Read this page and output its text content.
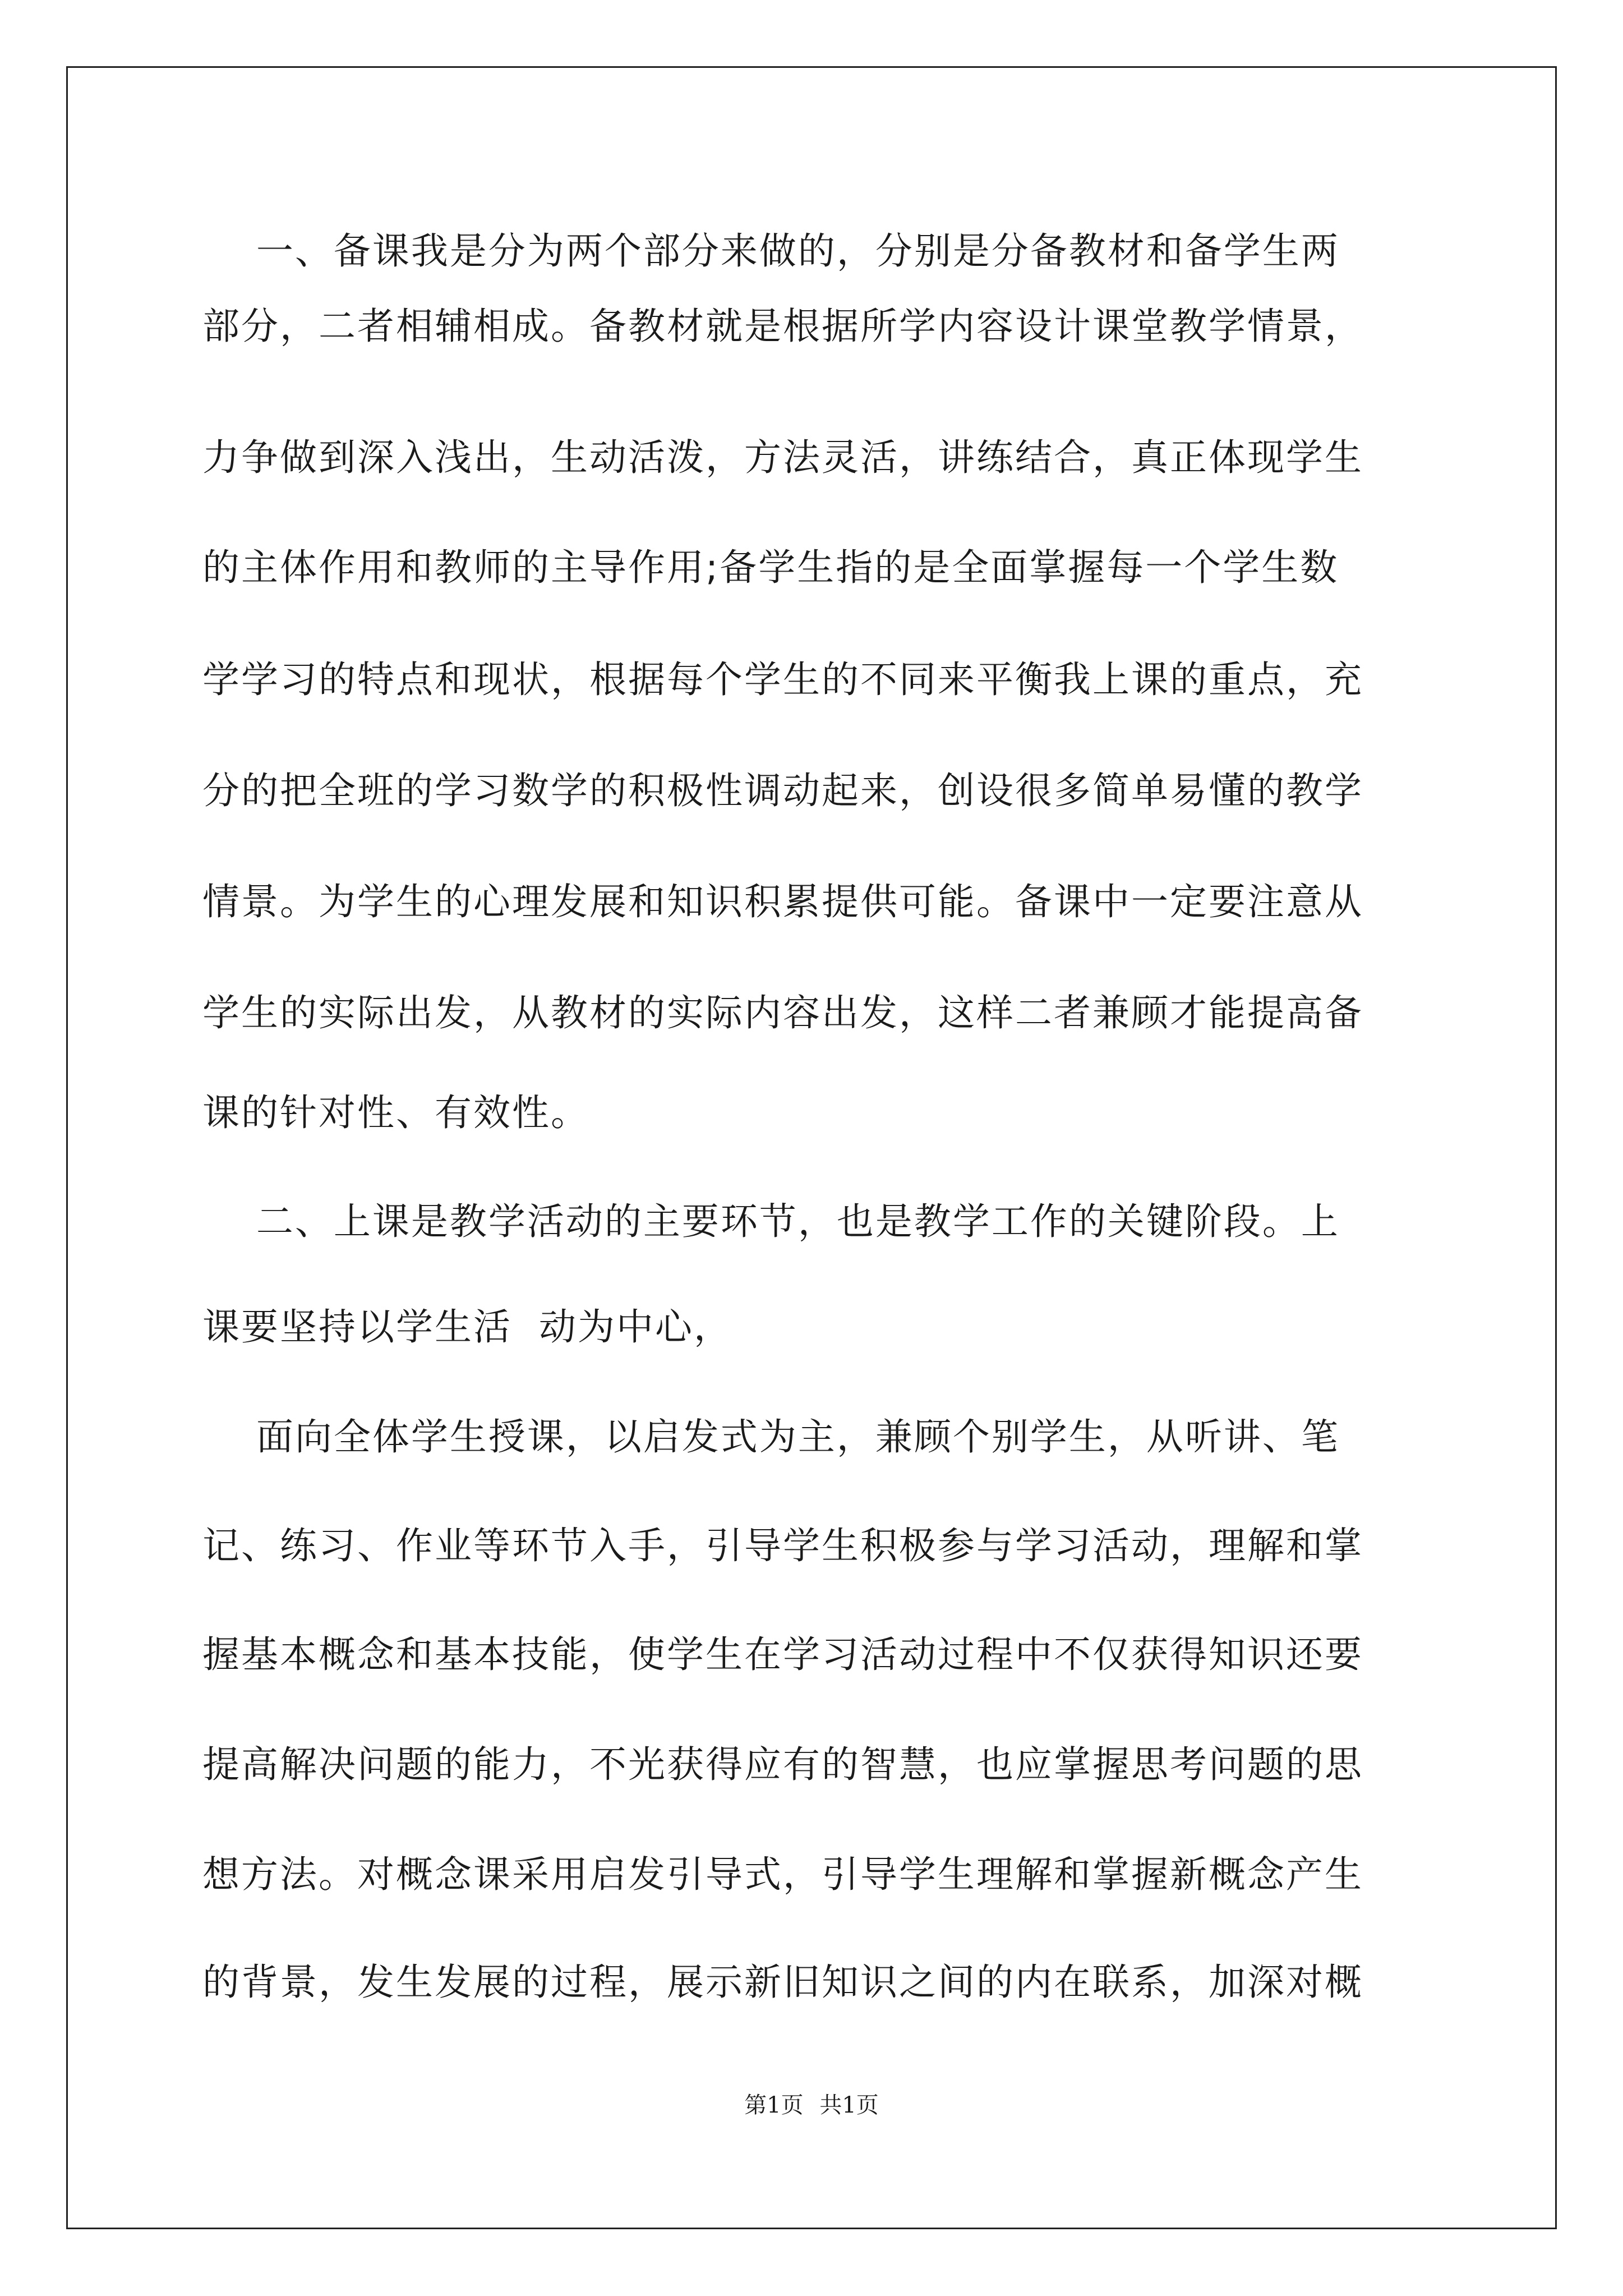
一、备课我是分为两个部分来做的，分别是分备教材和备学生两
部分，二者相辅相成。备教材就是根据所学内容设计课堂教学情景，
力争做到深入浅出，生动活泼，方法灵活，讲练结合，真正体现学生
的主体作用和教师的主导作用;备学生指的是全面掌握每一个学生数
学学习的特点和现状，根据每个学生的不同来平衡我上课的重点，充
分的把全班的学习数学的积极性调动起来，创设很多简单易懂的教学
情景。为学生的心理发展和知识积累提供可能。备课中一定要注意从
学生的实际出发，从教材的实际内容出发，这样二者兼顾才能提高备
课的针对性、有效性。
二、上课是教学活动的主要环节，也是教学工作的关键阶段。上
课要坚持以学生活  动为中心，
面向全体学生授课，以启发式为主，兼顾个别学生，从听讲、笔
记、练习、作业等环节入手，引导学生积极参与学习活动，理解和掌
握基本概念和基本技能，使学生在学习活动过程中不仅获得知识还要
提高解决问题的能力，不光获得应有的智慧，也应掌握思考问题的思
想方法。对概念课采用启发引导式，引导学生理解和掌握新概念产生
的背景，发生发展的过程，展示新旧知识之间的内在联系，加深对概
第1页 共1页
